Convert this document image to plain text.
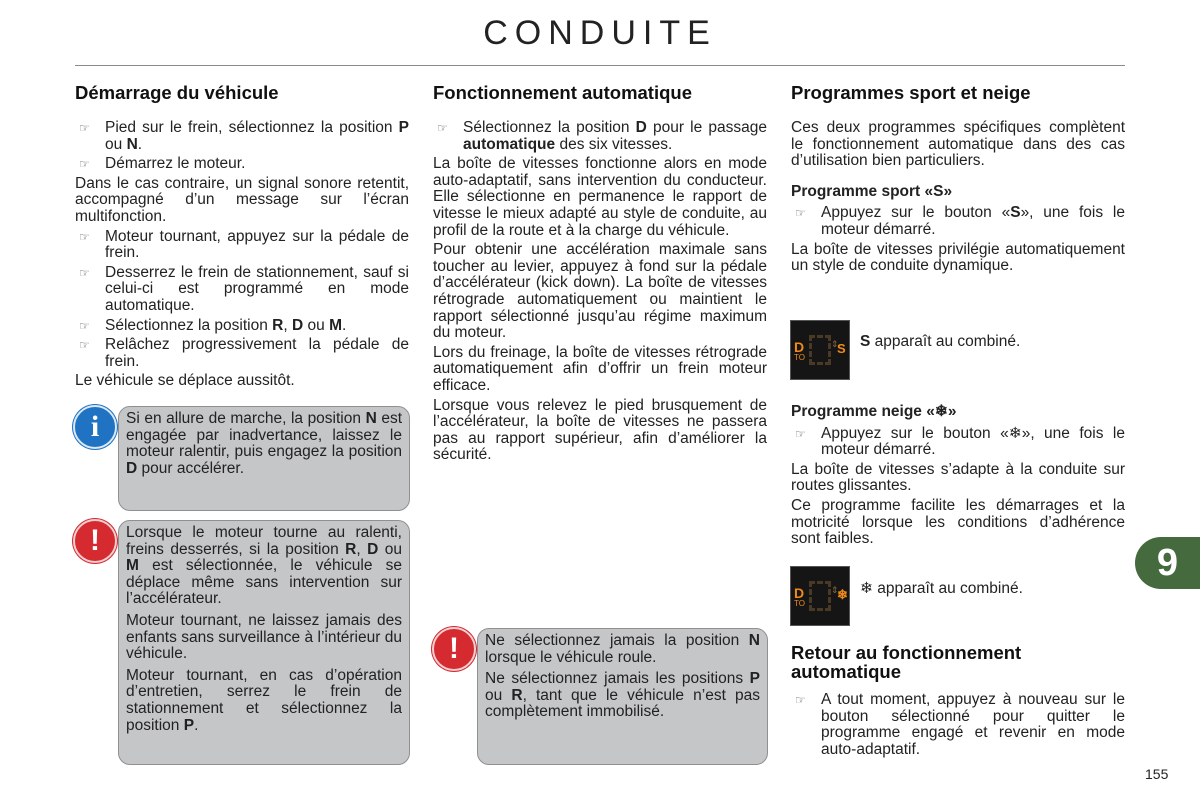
CONDUITE
Démarrage du véhicule
☞ Pied sur le frein, sélectionnez la position P ou N.
☞ Démarrez le moteur.

Dans le cas contraire, un signal sonore retentit, accompagné d’un message sur l’écran multifonction.

☞ Moteur tournant, appuyez sur la pédale de frein.
☞ Desserrez le frein de stationnement, sauf si celui-ci est programmé en mode automatique.
☞ Sélectionnez la position R, D ou M.
☞ Relâchez progressivement la pédale de frein.

Le véhicule se déplace aussitôt.

i	Si en allure de marche, la position N est engagée par inadvertance, laissez le moteur ralentir, puis engagez la position D pour accélérer.

!	Lorsque le moteur tourne au ralenti, freins desserrés, si la position R, D ou M est sélectionnée, le véhicule se déplace même sans intervention sur l’accélérateur.

Moteur tournant, ne laissez jamais des enfants sans surveillance à l’intérieur du véhicule.

Moteur tournant, en cas d’opération d’entretien, serrez le frein de stationnement et sélectionnez la position P.

Fonctionnement automatique
☞ Sélectionnez la position D pour le passage automatique des six vitesses.

La boîte de vitesses fonctionne alors en mode auto-adaptatif, sans intervention du conducteur. Elle sélectionne en permanence le rapport de vitesse le mieux adapté au style de conduite, au profil de la route et à la charge du véhicule.

Pour obtenir une accélération maximale sans toucher au levier, appuyez à fond sur la pédale d’accélérateur (kick down). La boîte de vitesses rétrograde automatiquement ou maintient le rapport sélectionné jusqu’au régime maximum du moteur.

Lors du freinage, la boîte de vitesses rétrograde automatiquement afin d’offrir un frein moteur efficace.

Lorsque vous relevez le pied brusquement de l’accélérateur, la boîte de vitesses ne passera pas au rapport supérieur, afin d’améliorer la sécurité.

!	Ne sélectionnez jamais la position N lorsque le véhicule roule.

Ne sélectionnez jamais les positions P ou R, tant que le véhicule n’est pas complètement immobilisé.

Programmes sport et neige

Ces deux programmes spécifiques complètent le fonctionnement automatique dans des cas d’utilisation bien particuliers.

Programme sport «S»
☞ Appuyez sur le bouton «S», une fois le moteur démarré.

La boîte de vitesses privilégie automatiquement un style de conduite dynamique.

D
TO
⇕
S S apparaît au combiné.
Programme neige «❄»
☞ Appuyez sur le bouton «❄», une fois le moteur démarré.

La boîte de vitesses s’adapte à la conduite sur routes glissantes.

Ce programme facilite les démarrages et la motricité lorsque les conditions d’adhérence sont faibles.

D
TO
⇕
❄ ❄ apparaît au combiné.
Retour au fonctionnement automatique
☞ A tout moment, appuyez à nouveau sur le bouton sélectionné pour quitter le programme engagé et revenir en mode auto-adaptatif.
9
155
